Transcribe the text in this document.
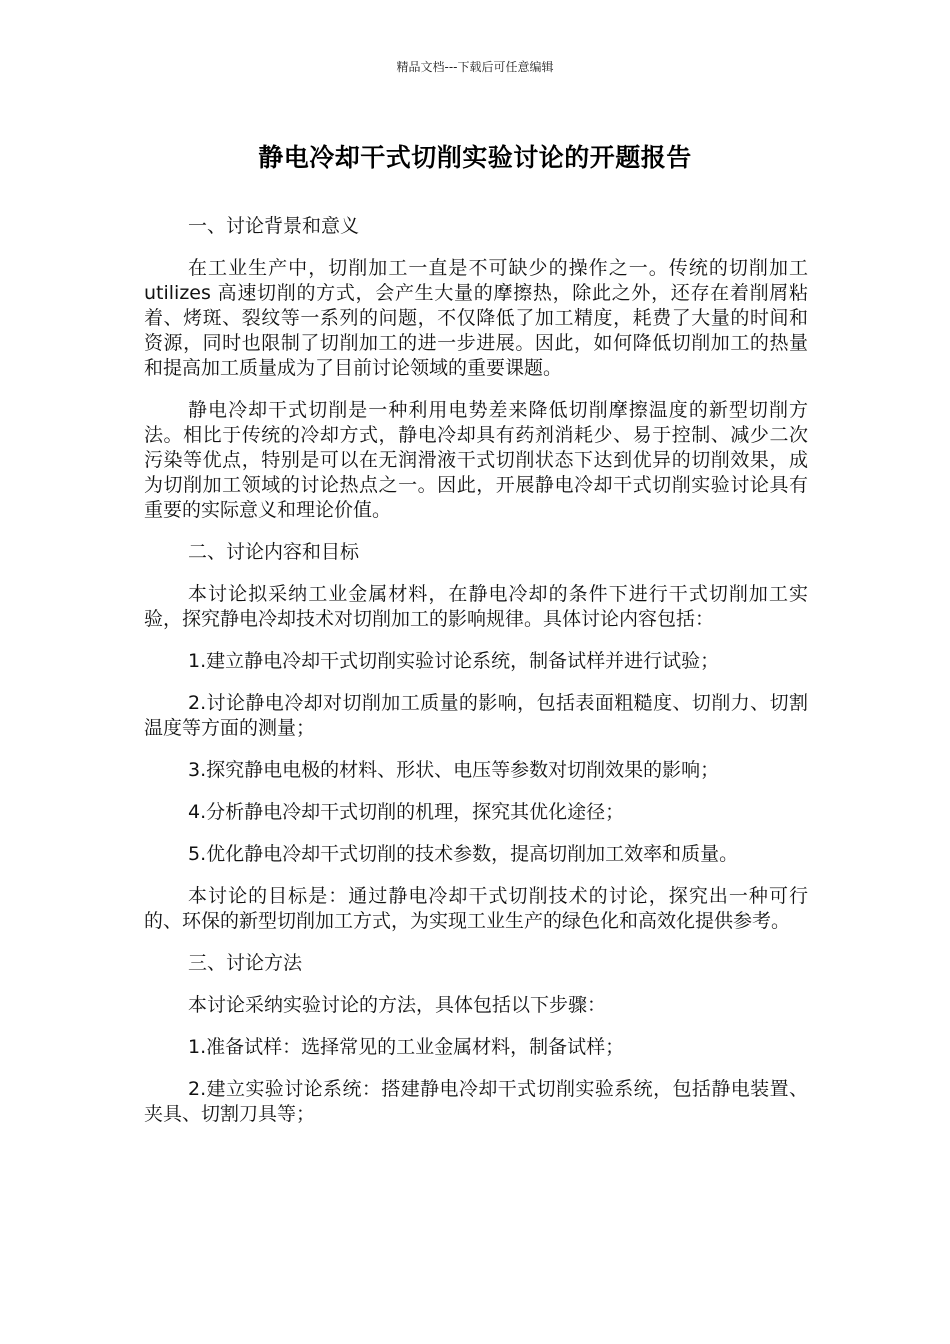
精品文档---下载后可任意编辑
静电冷却干式切削实验讨论的开题报告

一、讨论背景和意义

在工业生产中，切削加工一直是不可缺少的操作之一。传统的切削加工 utilizes 高速切削的方式，会产生大量的摩擦热，除此之外，还存在着削屑粘着、烤斑、裂纹等一系列的问题，不仅降低了加工精度，耗费了大量的时间和资源，同时也限制了切削加工的进一步进展。因此，如何降低切削加工的热量和提高加工质量成为了目前讨论领域的重要课题。

静电冷却干式切削是一种利用电势差来降低切削摩擦温度的新型切削方法。相比于传统的冷却方式，静电冷却具有药剂消耗少、易于控制、减少二次污染等优点，特别是可以在无润滑液干式切削状态下达到优异的切削效果，成为切削加工领域的讨论热点之一。因此，开展静电冷却干式切削实验讨论具有重要的实际意义和理论价值。

二、讨论内容和目标

本讨论拟采纳工业金属材料，在静电冷却的条件下进行干式切削加工实验，探究静电冷却技术对切削加工的影响规律。具体讨论内容包括：

1.建立静电冷却干式切削实验讨论系统，制备试样并进行试验；

2.讨论静电冷却对切削加工质量的影响，包括表面粗糙度、切削力、切割温度等方面的测量；

3.探究静电电极的材料、形状、电压等参数对切削效果的影响；

4.分析静电冷却干式切削的机理，探究其优化途径；

5.优化静电冷却干式切削的技术参数，提高切削加工效率和质量。

本讨论的目标是：通过静电冷却干式切削技术的讨论，探究出一种可行的、环保的新型切削加工方式，为实现工业生产的绿色化和高效化提供参考。

三、讨论方法

本讨论采纳实验讨论的方法，具体包括以下步骤：

1.准备试样：选择常见的工业金属材料，制备试样；

2.建立实验讨论系统：搭建静电冷却干式切削实验系统，包括静电装置、夹具、切割刀具等；
